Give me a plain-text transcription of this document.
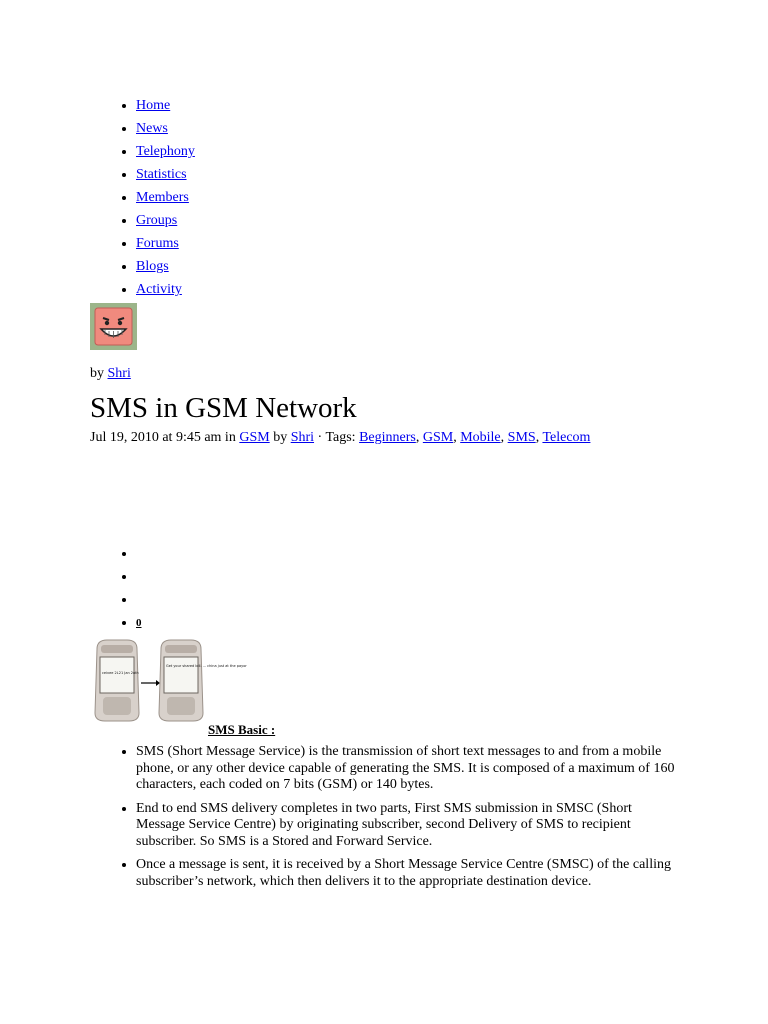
• Home
• News
• Telephony
• Statistics
• Members
• Groups
• Forums
• Blogs
• Activity
by Shri
SMS in GSM Network
Jul 19, 2010 at 9:45 am in GSM by Shri · Tags: Beginners, GSM, Mobile, SMS, Telecom
•
•
•
• 0
ceivee 2L21 Jan 2oth
Get your shared bill. ... china just at the payor
SMS Basic :
• SMS (Short Message Service) is the transmission of short text messages to and from a mobile phone, or any other device capable of generating the SMS. It is composed of a maximum of 160 characters, each coded on 7 bits (GSM) or 140 bytes.
• End to end SMS delivery completes in two parts, First SMS submission in SMSC (Short Message Service Centre) by originating subscriber, second Delivery of SMS to recipient subscriber. So SMS is a Stored and Forward Service.
• Once a message is sent, it is received by a Short Message Service Centre (SMSC) of the calling subscriber’s network, which then delivers it to the appropriate destination device.
